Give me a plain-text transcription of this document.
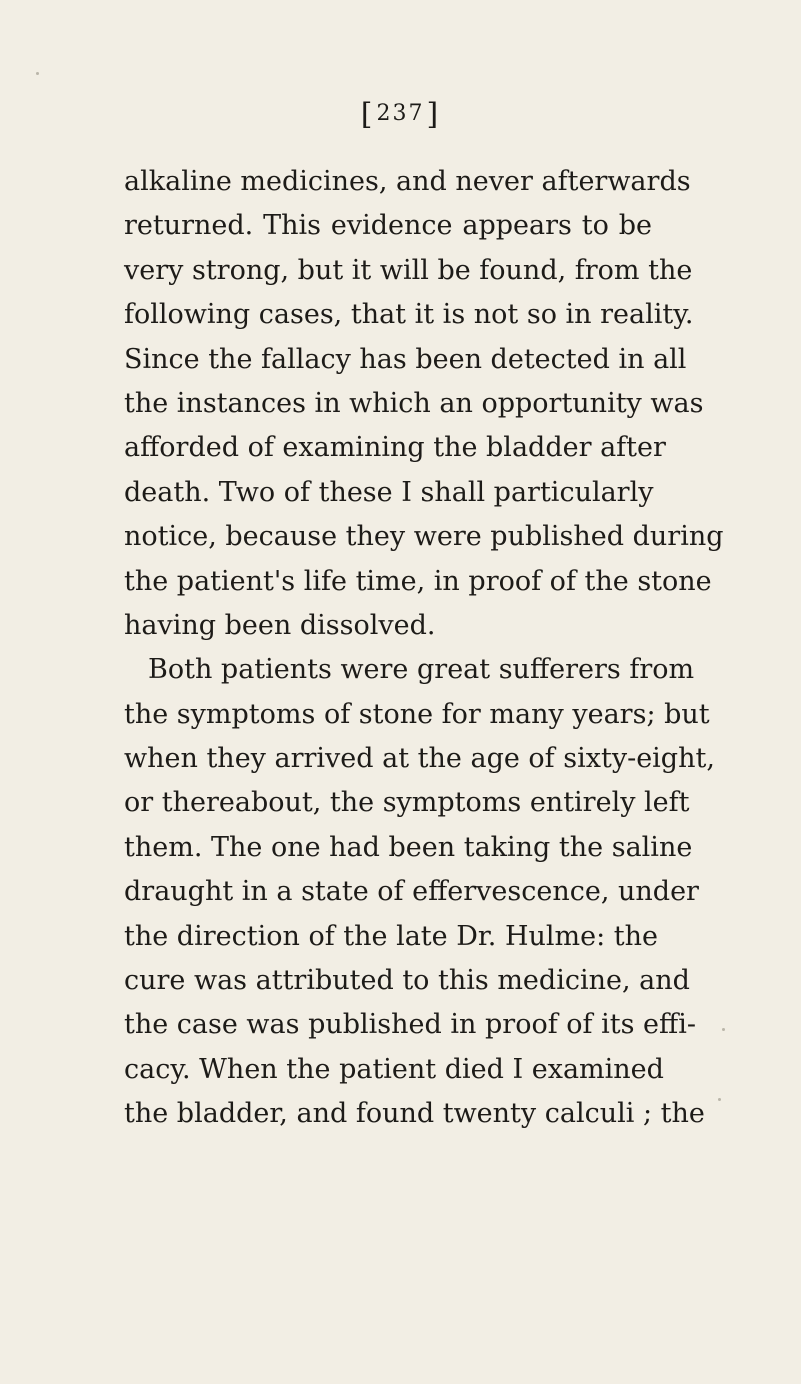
[237]
alkaline medicines, and never afterwards
returned. This evidence appears to be
very strong, but it will be found, from the
following cases, that it is not so in reality.
Since the fallacy has been detected in all
the instances in which an opportunity was
afforded of examining the bladder after
death. Two of these I shall particularly
notice, because they were published during
the patient's life time, in proof of the stone
having been dissolved.
Both patients were great sufferers from
the symptoms of stone for many years; but
when they arrived at the age of sixty-eight,
or thereabout, the symptoms entirely left
them. The one had been taking the saline
draught in a state of effervescence, under
the direction of the late Dr. Hulme: the
cure was attributed to this medicine, and
the case was published in proof of its effi-
cacy. When the patient died I examined
the bladder, and found twenty calculi ; the
